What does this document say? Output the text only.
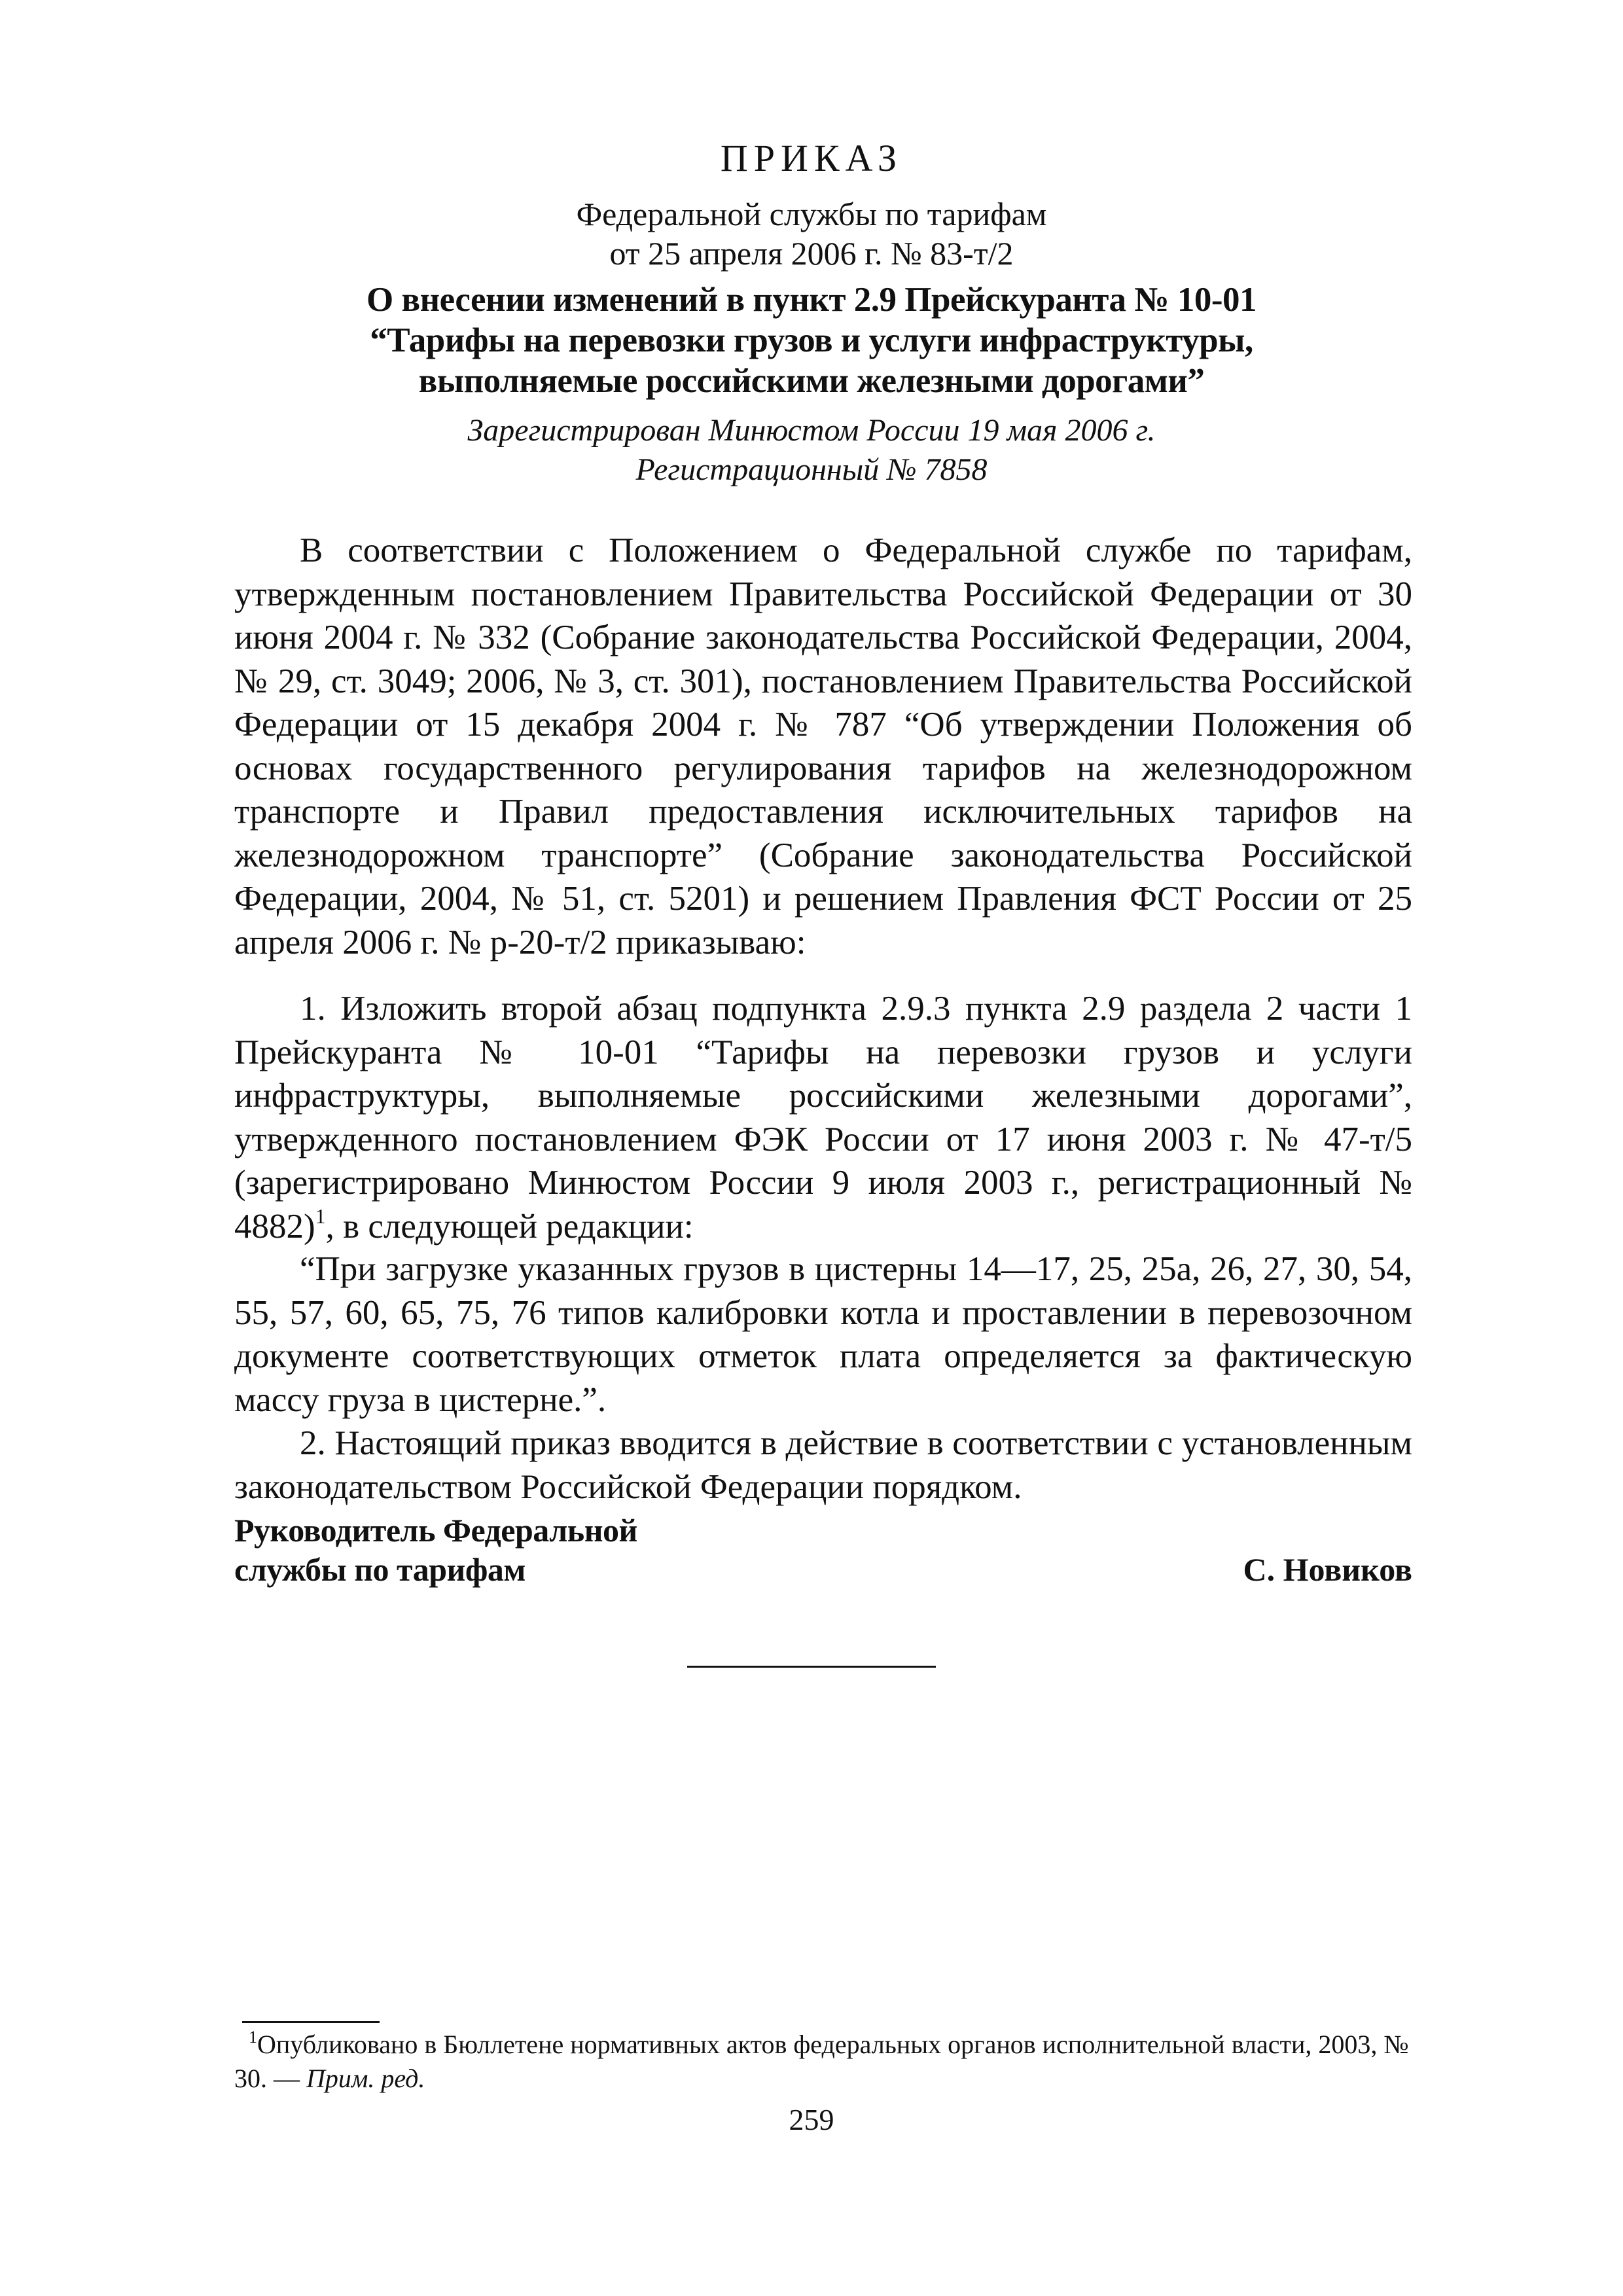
ПРИКАЗ
Федеральной службы по тарифам
от 25 апреля 2006 г. № 83-т/2
О внесении изменений в пункт 2.9 Прейскуранта № 10-01
“Тарифы на перевозки грузов и услуги инфраструктуры,
выполняемые российскими железными дорогами”
Зарегистрирован Минюстом России 19 мая 2006 г.
Регистрационный № 7858

В соответствии с Положением о Федеральной службе по тарифам, утвержденным постановлением Правительства Российской Федерации от 30 июня 2004 г. № 332 (Собрание законодательства Российской Федерации, 2004, № 29, ст. 3049; 2006, № 3, ст. 301), постановлением Правительства Российской Федерации от 15 декабря 2004 г. № 787 “Об утверждении Положения об основах государственного регулирования тарифов на железнодорожном транспорте и Правил предоставления исключительных тарифов на железнодорожном транспорте” (Собрание законодательства Российской Федерации, 2004, № 51, ст. 5201) и решением Правления ФСТ России от 25 апреля 2006 г. № р-20-т/2 приказываю:

1. Изложить второй абзац подпункта 2.9.3 пункта 2.9 раздела 2 части 1 Прейскуранта № 10-01 “Тарифы на перевозки грузов и услуги инфраструктуры, выполняемые российскими железными дорогами”, утвержденного постановлением ФЭК России от 17 июня 2003 г. № 47-т/5 (зарегистрировано Минюстом России 9 июля 2003 г., регистрационный № 4882)$^1$, в следующей редакции:

“При загрузке указанных грузов в цистерны 14—17, 25, 25а, 26, 27, 30, 54, 55, 57, 60, 65, 75, 76 типов калибровки котла и проставлении в перевозочном документе соответствующих отметок плата определяется за фактическую массу груза в цистерне.”.

2. Настоящий приказ вводится в действие в соответствии с установленным законодательством Российской Федерации порядком.

Руководитель Федеральной
службы по тарифам	С. Новиков
$^1$Опубликовано в Бюллетене нормативных актов федеральных органов исполнительной власти, 2003, № 30. — Прим. ред.
259
